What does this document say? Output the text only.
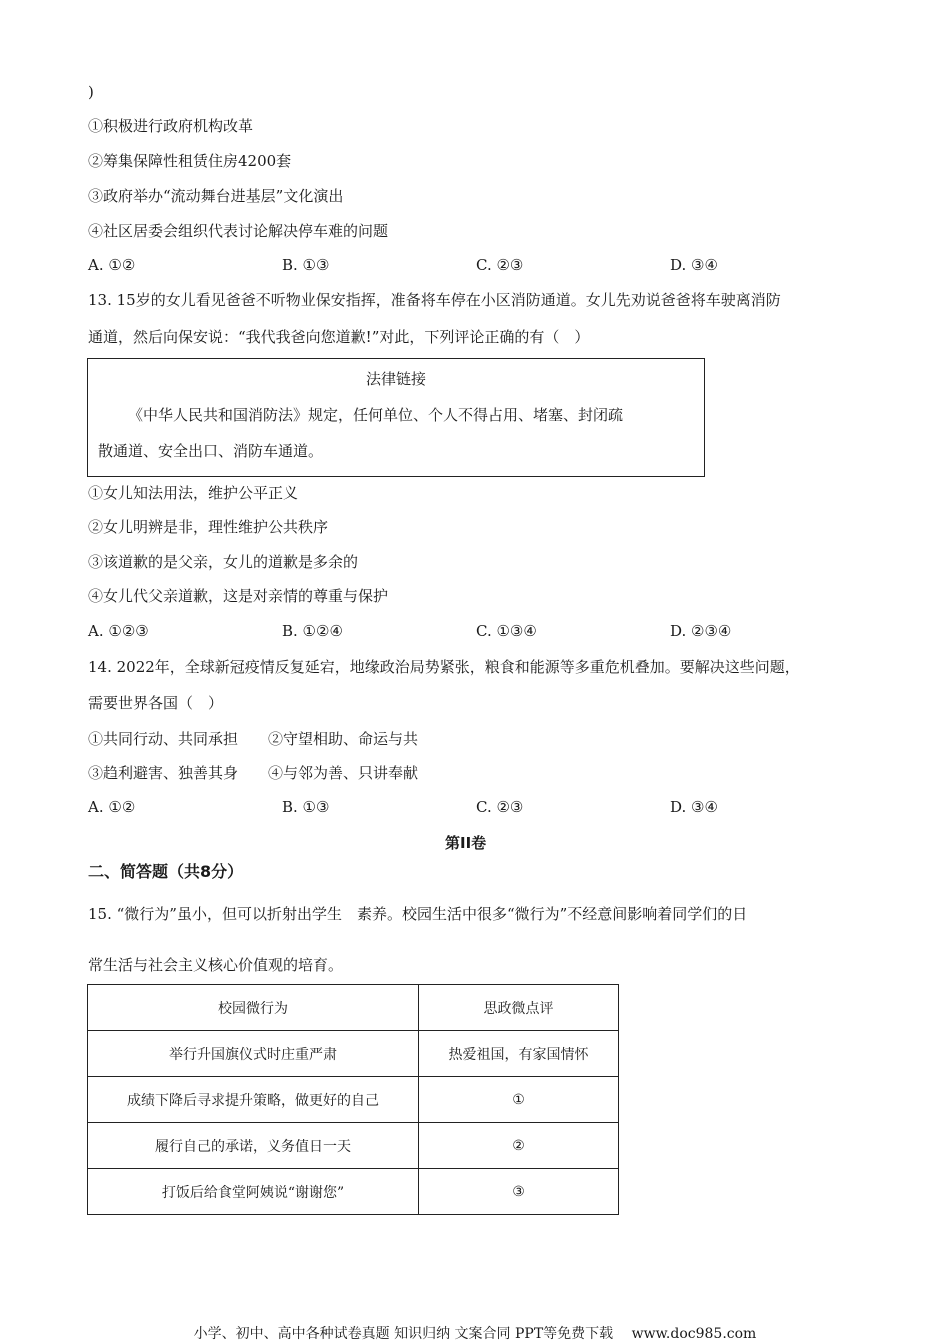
)
①积极进行政府机构改革
②筹集保障性租赁住房4200套
③政府举办“流动舞台进基层”文化演出
④社区居委会组织代表讨论解决停车难的问题
A. ①②	B. ①③	C. ②③	D. ③④
13. 15岁的女儿看见爸爸不听物业保安指挥，准备将车停在小区消防通道。女儿先劝说爸爸将车驶离消防
通道，然后向保安说：“我代我爸向您道歉!”对此，下列评论正确的有（　）
法律链接
《中华人民共和国消防法》规定，任何单位、个人不得占用、堵塞、封闭疏
散通道、安全出口、消防车通道。
①女儿知法用法，维护公平正义
②女儿明辨是非，理性维护公共秩序
③该道歉的是父亲，女儿的道歉是多余的
④女儿代父亲道歉，这是对亲情的尊重与保护
A. ①②③	B. ①②④	C. ①③④	D. ②③④
14. 2022年，全球新冠疫情反复延宕，地缘政治局势紧张，粮食和能源等多重危机叠加。要解决这些问题，
需要世界各国（　）
①共同行动、共同承担　　②守望相助、命运与共
③趋利避害、独善其身　　④与邻为善、只讲奉献
A. ①②	B. ①③	C. ②③	D. ③④
第II卷
二、简答题（共8分）
15. “微行为”虽小，但可以折射出学生　素养。校园生活中很多“微行为”不经意间影响着同学们的日
常生活与社会主义核心价值观的培育。
校园微行为	思政微点评
举行升国旗仪式时庄重严肃	热爱祖国，有家国情怀
成绩下降后寻求提升策略，做更好的自己	①
履行自己的承诺，义务值日一天	②
打饭后给食堂阿姨说“谢谢您”	③
小学、初中、高中各种试卷真题 知识归纳 文案合同 PPT等免费下载　 www.doc985.com
